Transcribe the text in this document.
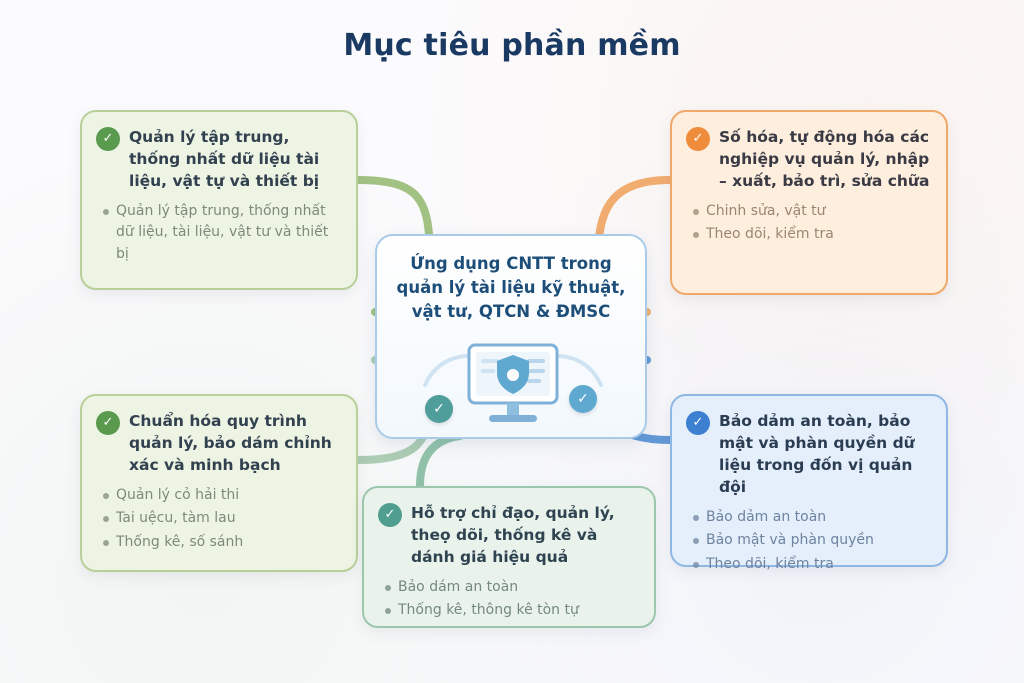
Mục tiêu phần mềm
Ứng dụng CNTT trong quản lý tài liệu kỹ thuật, vật tư, QTCN & ĐMSC
✓
✓
✓	Quản lý tập trung, thống nhất dữ liệu tài liệu, vật tự và thiết bị
Quản lý tập trung, thống nhất dữ liệu, tài liệu, vật tư và thiết bị
✓	Số hóa, tự động hóa các nghiệp vụ quản lý, nhập – xuất, bảo trì, sửa chữa
Chinh sửa, vật tư
Theo dõi, kiểm tra
✓	Chuẩn hóa quy trình quản lý, bảo dám chỉnh xác và minh bạch
Quản lý cỏ hải thi
Tai uệcu, tàm lau
Thống kê, số sánh
✓	Hỗ trợ chỉ đạo, quản lý, theọ dõi, thống kê và dánh giá hiệu quả
Bảo dám an toàn
Thống kê, thông kê tòn tự
✓	Bảo dảm an toàn, bảo mật và phàn quyền dữ liệu trong đốn vị quản đội
Bảo dảm an toàn
Bảo mật và phàn quyền
Theo dõi, kiểm tra
